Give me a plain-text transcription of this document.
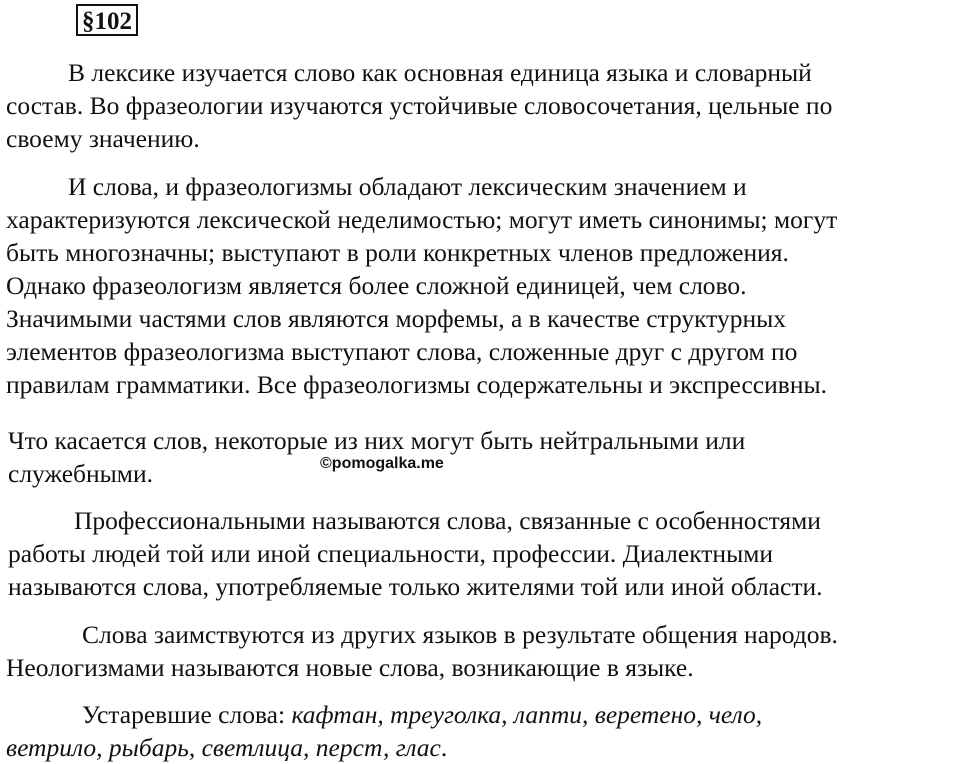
§102
В лексике изучается слово как основная единица языка и словарный
состав. Во фразеологии изучаются устойчивые словосочетания, цельные по
своему значению.
И слова, и фразеологизмы обладают лексическим значением и
характеризуются лексической неделимостью; могут иметь синонимы; могут
быть многозначны; выступают в роли конкретных членов предложения.
Однако фразеологизм является более сложной единицей, чем слово.
Значимыми частями слов являются морфемы, а в качестве структурных
элементов фразеологизма выступают слова, сложенные друг с другом по
правилам грамматики. Все фразеологизмы содержательны и экспрессивны.
Что касается слов, некоторые из них могут быть нейтральными или
служебными.	©pomogalka.me
Профессиональными называются слова, связанные с особенностями
работы людей той или иной специальности, профессии. Диалектными
называются слова, употребляемые только жителями той или иной области.
Слова заимствуются из других языков в результате общения народов.
Неологизмами называются новые слова, возникающие в языке.
Устаревшие слова: кафтан, треуголка, лапти, веретено, чело,
ветрило, рыбарь, светлица, перст, глас.
